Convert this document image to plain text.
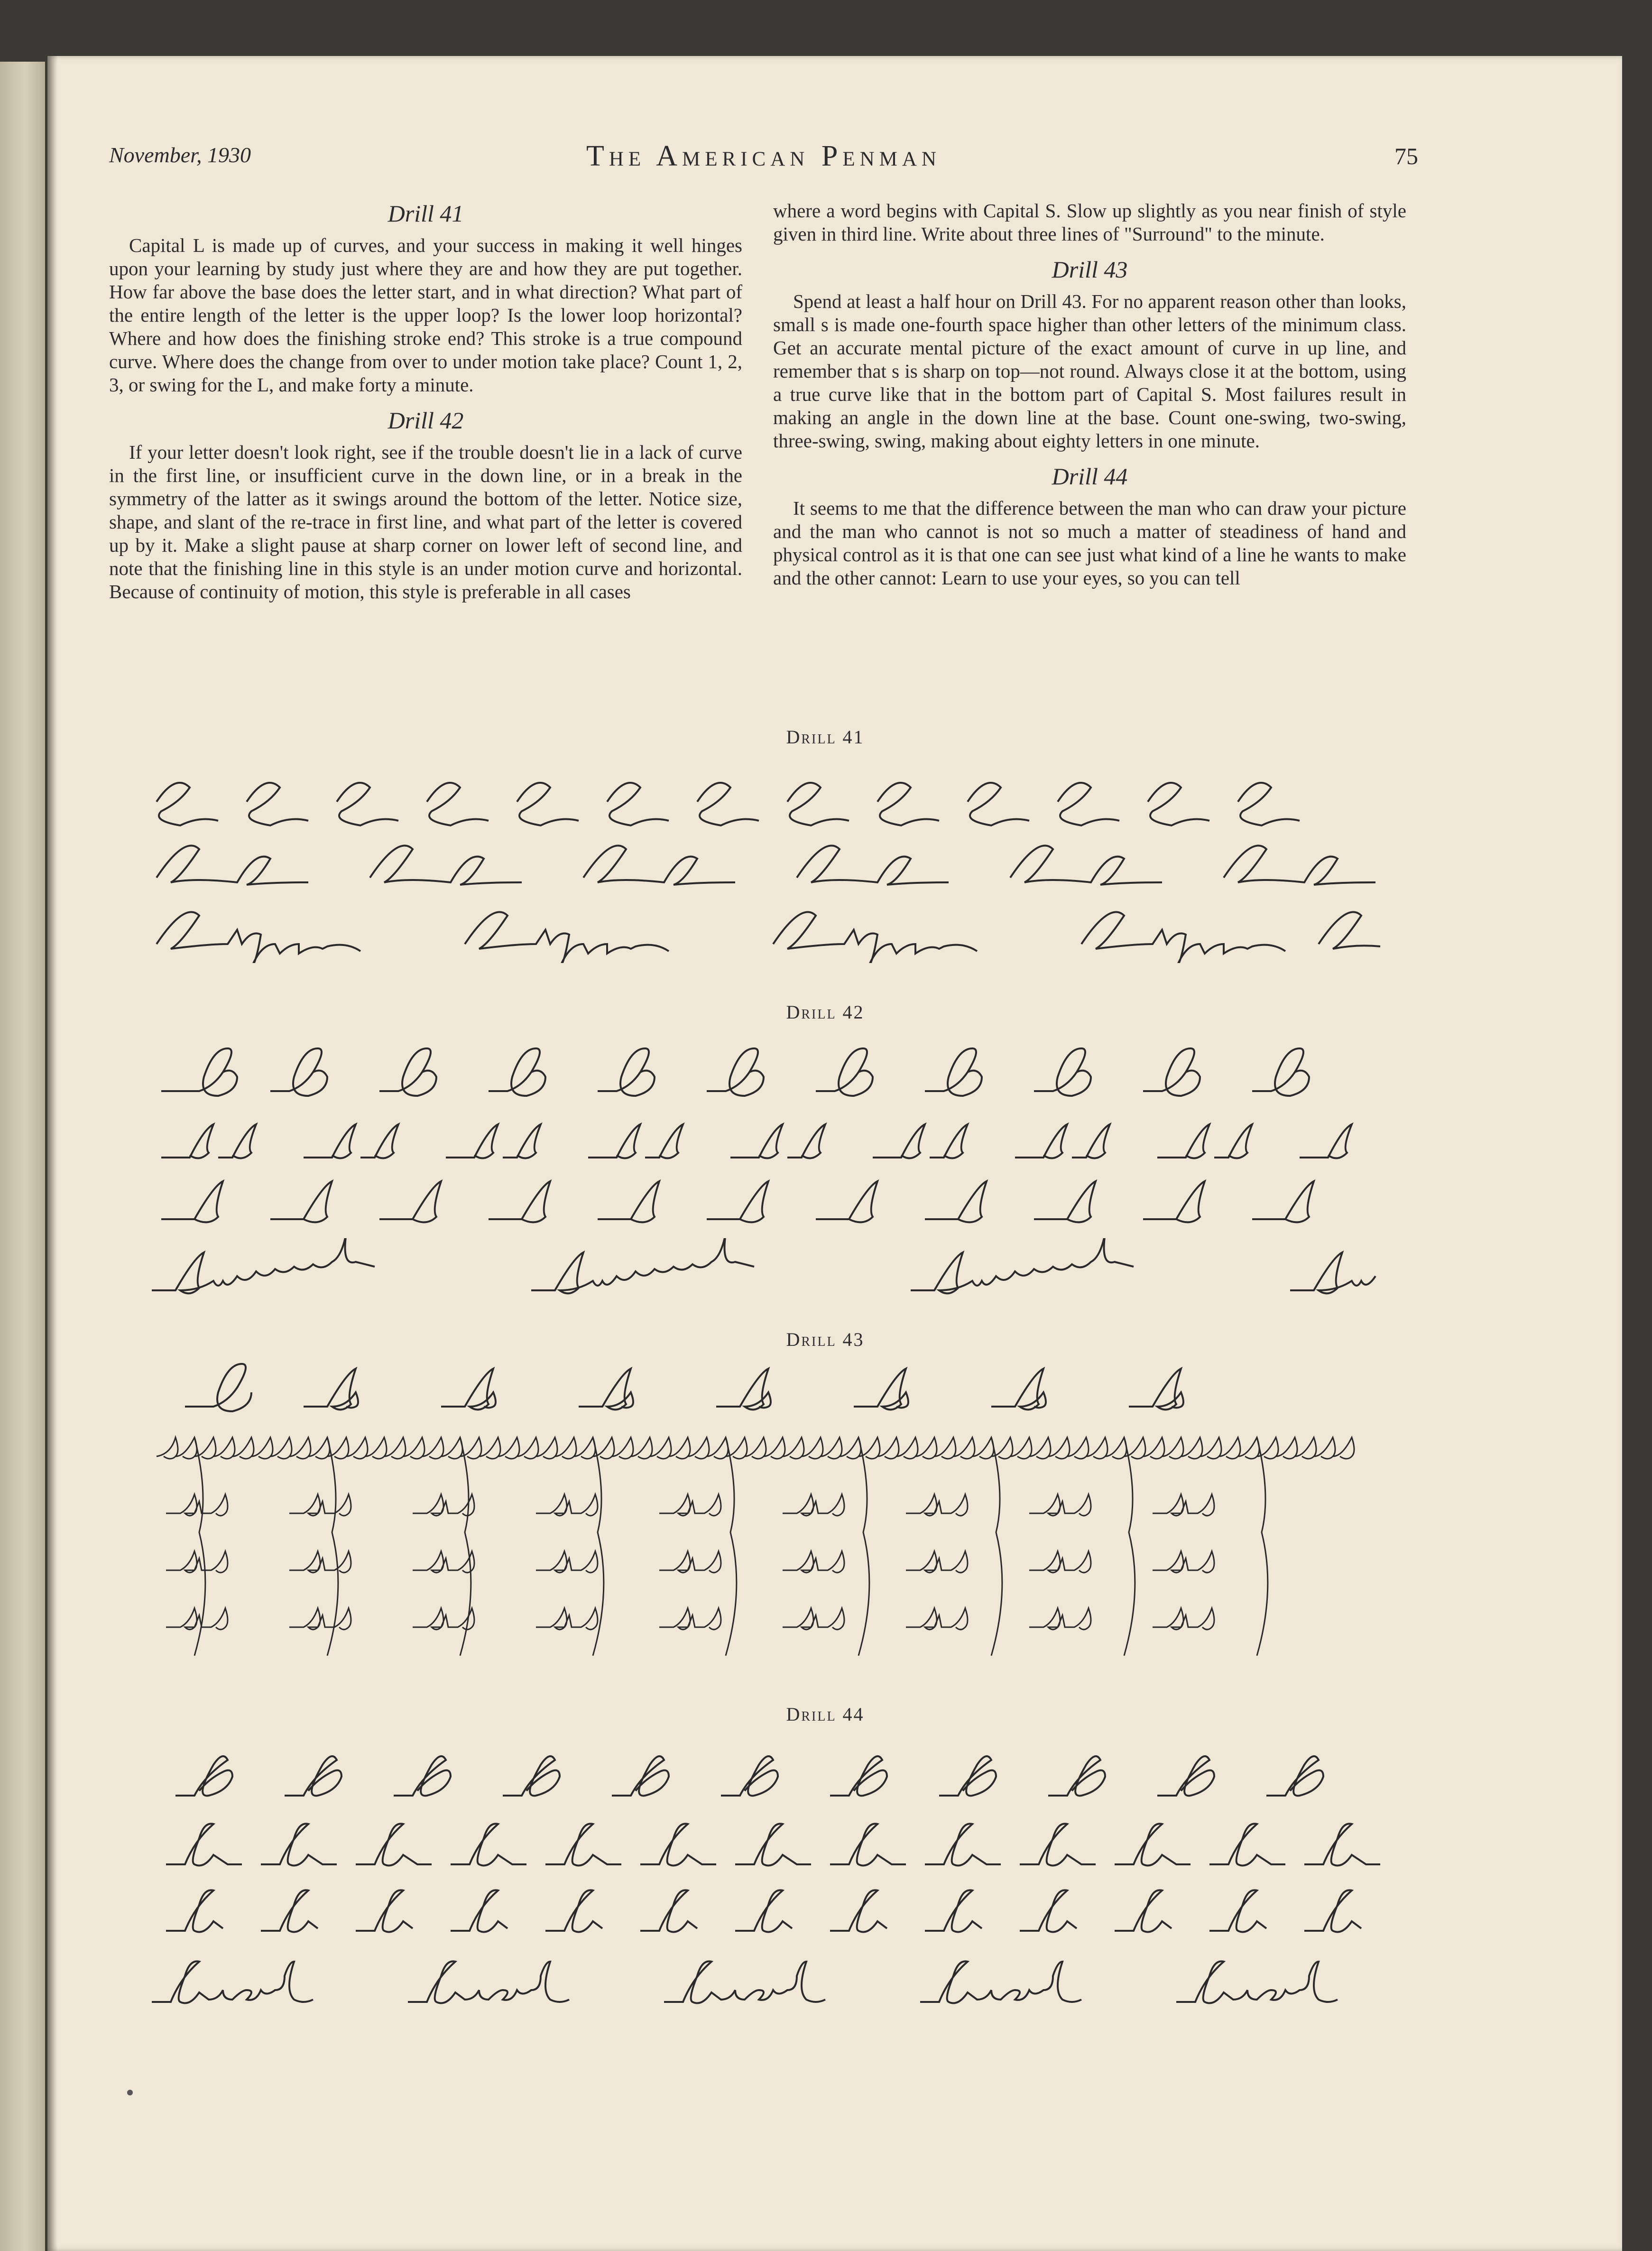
November, 1930	The American Penman	75
Drill 41

Capital L is made up of curves, and your success in making it well hinges upon your learning by study just where they are and how they are put together. How far above the base does the letter start, and in what direction? What part of the entire length of the letter is the upper loop? Is the lower loop horizontal? Where and how does the finishing stroke end? This stroke is a true compound curve. Where does the change from over to under motion take place? Count 1, 2, 3, or swing for the L, and make forty a minute.

Drill 42

If your letter doesn't look right, see if the trouble doesn't lie in a lack of curve in the first line, or insufficient curve in the down line, or in a break in the symmetry of the latter as it swings around the bottom of the letter. Notice size, shape, and slant of the re-trace in first line, and what part of the letter is covered up by it. Make a slight pause at sharp corner on lower left of second line, and note that the finishing line in this style is an under motion curve and horizontal. Because of continuity of motion, this style is preferable in all cases

where a word begins with Capital S. Slow up slightly as you near finish of style given in third line. Write about three lines of "Surround" to the minute.

Drill 43

Spend at least a half hour on Drill 43. For no apparent reason other than looks, small s is made one-fourth space higher than other letters of the minimum class. Get an accurate mental picture of the exact amount of curve in up line, and remember that s is sharp on top—not round. Always close it at the bottom, using a true curve like that in the bottom part of Capital S. Most failures result in making an angle in the down line at the base. Count one-swing, two-swing, three-swing, swing, making about eighty letters in one minute.

Drill 44

It seems to me that the difference between the man who can draw your picture and the man who cannot is not so much a matter of steadiness of hand and physical control as it is that one can see just what kind of a line he wants to make and the other cannot: Learn to use your eyes, so you can tell

Drill 41
Drill 42
Drill 43
Drill 44
